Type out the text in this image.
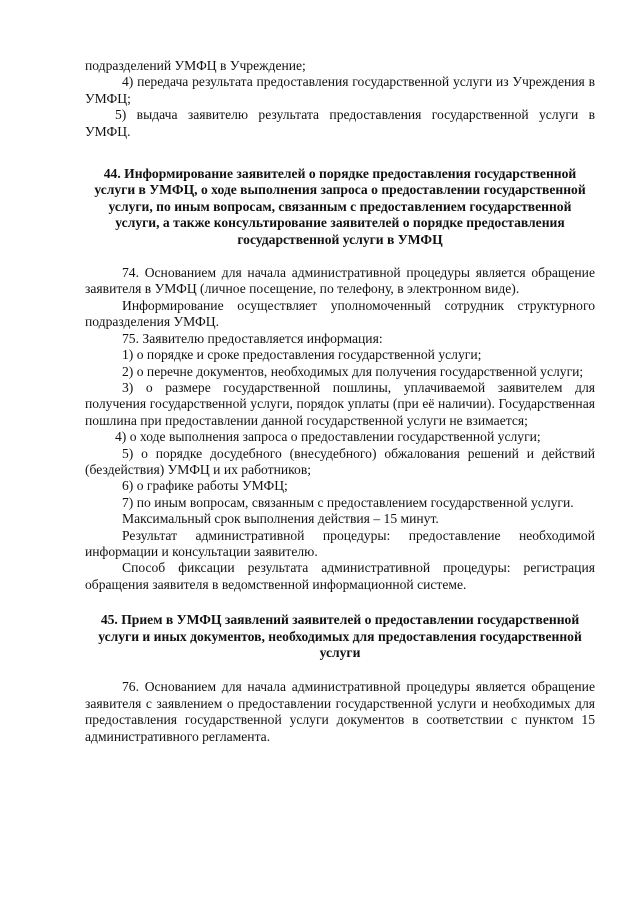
подразделений УМФЦ в Учреждение;

4) передача результата предоставления государственной услуги из Учреждения в УМФЦ;

5) выдача заявителю результата предоставления государственной услуги в УМФЦ.

44. Информирование заявителей о порядке предоставления государственной услуги в УМФЦ, о ходе выполнения запроса о предоставлении государственной услуги, по иным вопросам, связанным с предоставлением государственной услуги, а также консультирование заявителей о порядке предоставления государственной услуги в УМФЦ

74. Основанием для начала административной процедуры является обращение заявителя в УМФЦ (личное посещение, по телефону, в электронном виде).

Информирование осуществляет уполномоченный сотрудник структурного подразделения УМФЦ.

75. Заявителю предоставляется информация:

1) о порядке и сроке предоставления государственной услуги;

2) о перечне документов, необходимых для получения государственной услуги;

3) о размере государственной пошлины, уплачиваемой заявителем для получения государственной услуги, порядок уплаты (при её наличии). Государственная пошлина при предоставлении данной государственной услуги не взимается;

4) о ходе выполнения запроса о предоставлении государственной услуги;

5) о порядке досудебного (внесудебного) обжалования решений и действий (бездействия) УМФЦ и их работников;

6) о графике работы УМФЦ;

7) по иным вопросам, связанным с предоставлением государственной услуги.

Максимальный срок выполнения действия – 15 минут.

Результат административной процедуры: предоставление необходимой информации и консультации заявителю.

Способ фиксации результата административной процедуры: регистрация обращения заявителя в ведомственной информационной системе.

45. Прием в УМФЦ заявлений заявителей о предоставлении государственной услуги и иных документов, необходимых для предоставления государственной услуги

76. Основанием для начала административной процедуры является обращение заявителя с заявлением о предоставлении государственной услуги и необходимых для предоставления государственной услуги документов в соответствии с пунктом 15 административного регламента.
